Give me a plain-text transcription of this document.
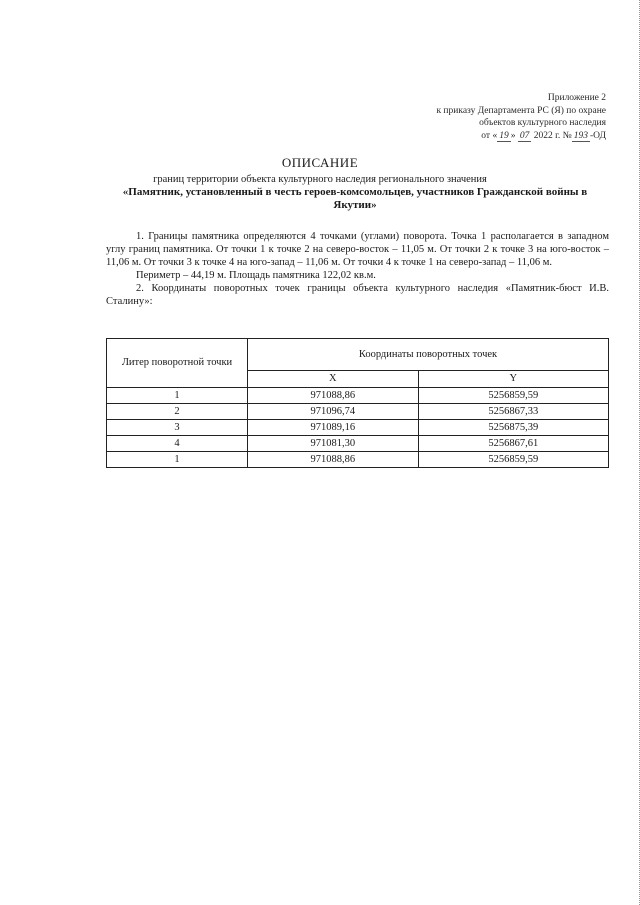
Приложение 2
к приказу Департамента РС (Я) по охране
объектов культурного наследия
от « 19 » 07 2022 г. № 193 -ОД
ОПИСАНИЕ
границ территории объекта культурного наследия регионального значения
«Памятник, установленный в честь героев-комсомольцев, участников Гражданской войны в Якутии»

1. Границы памятника определяются 4 точками (углами) поворота. Точка 1 располагается в западном углу границ памятника. От точки 1 к точке 2 на северо-восток – 11,05 м. От точки 2 к точке 3 на юго-восток – 11,06 м. От точки 3 к точке 4 на юго-запад – 11,06 м. От точки 4 к точке 1 на северо-запад – 11,06 м.

Периметр – 44,19 м. Площадь памятника 122,02 кв.м.

2. Координаты поворотных точек границы объекта культурного наследия «Памятник-бюст И.В. Сталину»:

Литер поворотной точки	Координаты поворотных точек	
	X	Y
1	971088,86	5256859,59
2	971096,74	5256867,33
3	971089,16	5256875,39
4	971081,30	5256867,61
1	971088,86	5256859,59
